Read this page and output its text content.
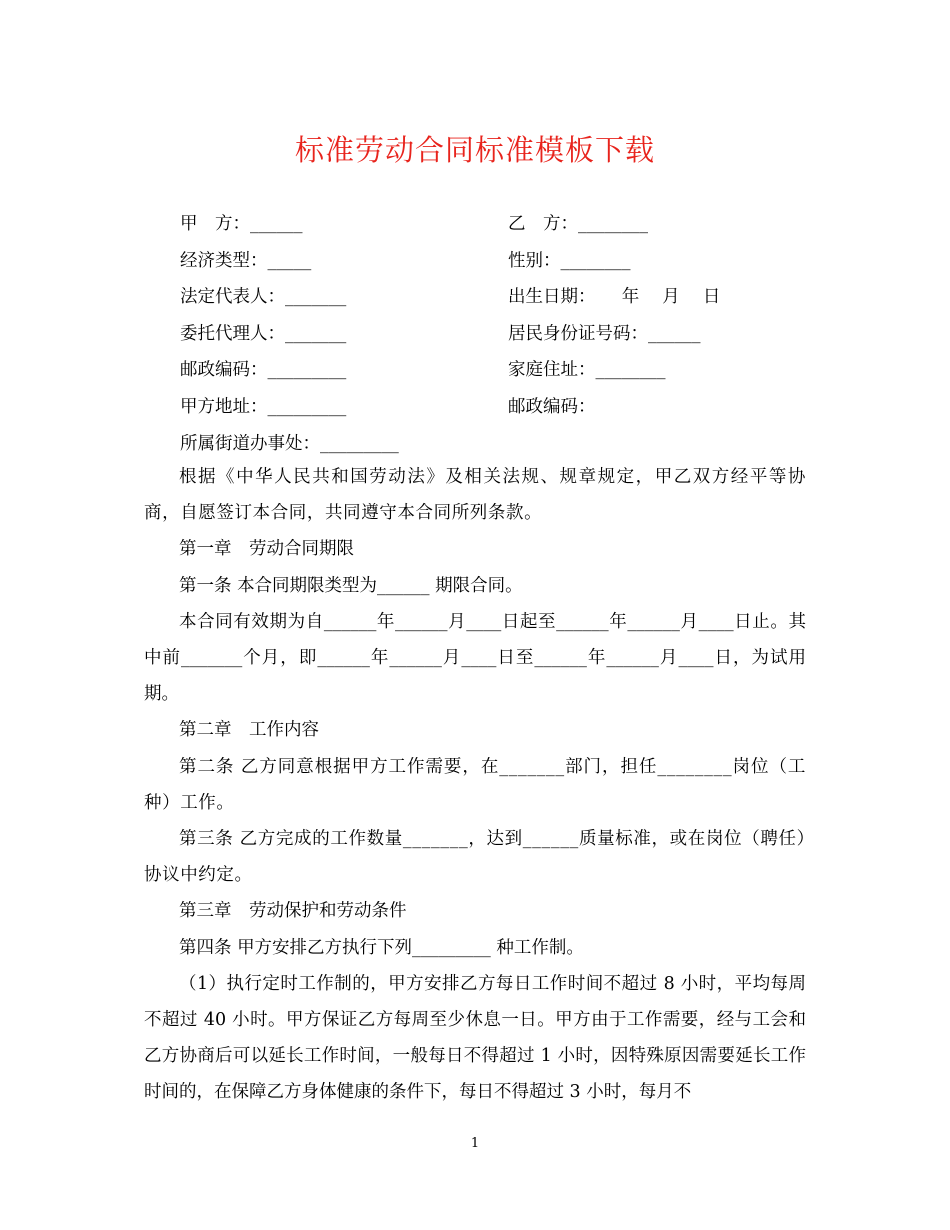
标准劳动合同标准模板下载
甲　方：______	乙　方：________
经济类型：_____	性别：________
法定代表人：_______	出生日期：　　年　 月　 日
委托代理人：_______	居民身份证号码：______
邮政编码：_________	家庭住址：________
甲方地址：_________	邮政编码：
所属街道办事处：_________

根据《中华人民共和国劳动法》及相关法规、规章规定，甲乙双方经平等协商，自愿签订本合同，共同遵守本合同所列条款。

第一章　劳动合同期限

第一条 本合同期限类型为______ 期限合同。

本合同有效期为自______年______月____日起至______年______月____日止。其中前_______个月，即______年______月____日至______年______月____日，为试用期。

第二章　工作内容

第二条 乙方同意根据甲方工作需要，在_______部门，担任________岗位（工种）工作。

第三条 乙方完成的工作数量_______，达到______质量标准，或在岗位（聘任）协议中约定。

第三章　劳动保护和劳动条件

第四条 甲方安排乙方执行下列_________ 种工作制。

（1）执行定时工作制的，甲方安排乙方每日工作时间不超过 8 小时，平均每周不超过 40 小时。甲方保证乙方每周至少休息一日。甲方由于工作需要，经与工会和乙方协商后可以延长工作时间，一般每日不得超过 1 小时，因特殊原因需要延长工作时间的，在保障乙方身体健康的条件下，每日不得超过 3 小时，每月不

1
